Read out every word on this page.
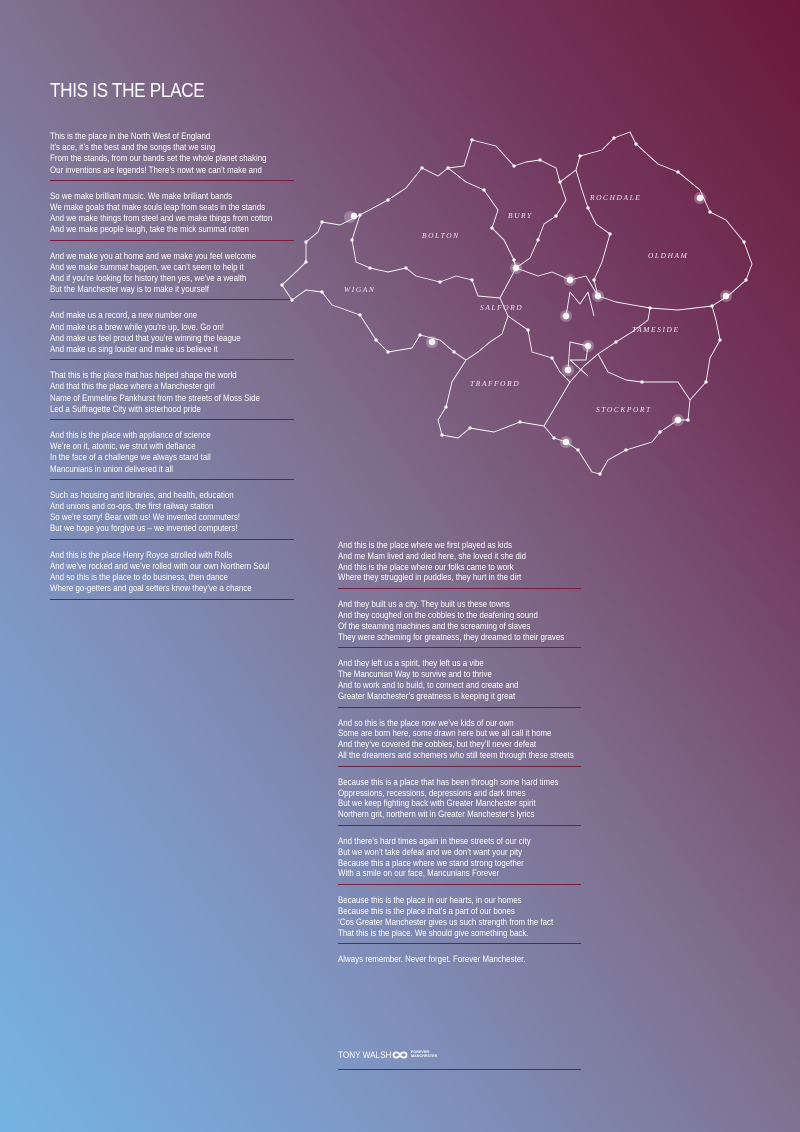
THIS IS THE PLACE
This is the place in the North West of England
It’s ace, it’s the best and the songs that we sing
From the stands, from our bands set the whole planet shaking
Our inventions are legends! There’s nowt we can’t make and
So we make brilliant music. We make brilliant bands
We make goals that make souls leap from seats in the stands
And we make things from steel and we make things from cotton
And we make people laugh, take the mick summat rotten
And we make you at home and we make you feel welcome
And we make summat happen, we can’t seem to help it
And if you’re looking for history then yes, we’ve a wealth
But the Manchester way is to make it yourself
And make us a record, a new number one
And make us a brew while you’re up, love. Go on!
And make us feel proud that you’re winning the league
And make us sing louder and make us believe it
That this is the place that has helped shape the world
And that this the place where a Manchester girl
Name of Emmeline Pankhurst from the streets of Moss Side
Led a Suffragette City with sisterhood pride
And this is the place with appliance of science
We’re on it, atomic, we strut with defiance
In the face of a challenge we always stand tall
Mancunians in union delivered it all
Such as housing and libraries, and health, education
And unions and co-ops, the first railway station
So we’re sorry! Bear with us! We invented commuters!
But we hope you forgive us – we invented computers!
And this is the place Henry Royce strolled with Rolls
And we’ve rocked and we’ve rolled with our own Northern Soul
And so this is the place to do business, then dance
Where go-getters and goal setters know they’ve a chance
And this is the place where we first played as kids
And me Mam lived and died here, she loved it she did
And this is the place where our folks came to work
Where they struggled in puddles, they hurt in the dirt
And they built us a city. They built us these towns
And they coughed on the cobbles to the deafening sound
Of the steaming machines and the screaming of slaves
They were scheming for greatness, they dreamed to their graves
And they left us a spirit, they left us a vibe
The Mancunian Way to survive and to thrive
And to work and to build, to connect and create and
Greater Manchester’s greatness is keeping it great
And so this is the place now we’ve kids of our own
Some are born here, some drawn here but we all call it home
And they’ve covered the cobbles, but they’ll never defeat
All the dreamers and schemers who still teem through these streets
Because this is a place that has been through some hard times
Oppressions, recessions, depressions and dark times
But we keep fighting back with Greater Manchester spirit
Northern grit, northern wit in Greater Manchester’s lyrics
And there’s hard times again in these streets of our city
But we won’t take defeat and we don’t want your pity
Because this a place where we stand strong together
With a smile on our face, Mancunians Forever
Because this is the place in our hearts, in our homes
Because this is the place that’s a part of our bones
‘Cos Greater Manchester gives us such strength from the fact
That this is the place. We should give something back.
Always remember. Never forget. Forever Manchester.
TONY WALSH	FOREVER
MANCHESTER
BOLTON
BURY
ROCHDALE
OLDHAM
WIGAN
SALFORD
TAMESIDE
TRAFFORD
STOCKPORT
